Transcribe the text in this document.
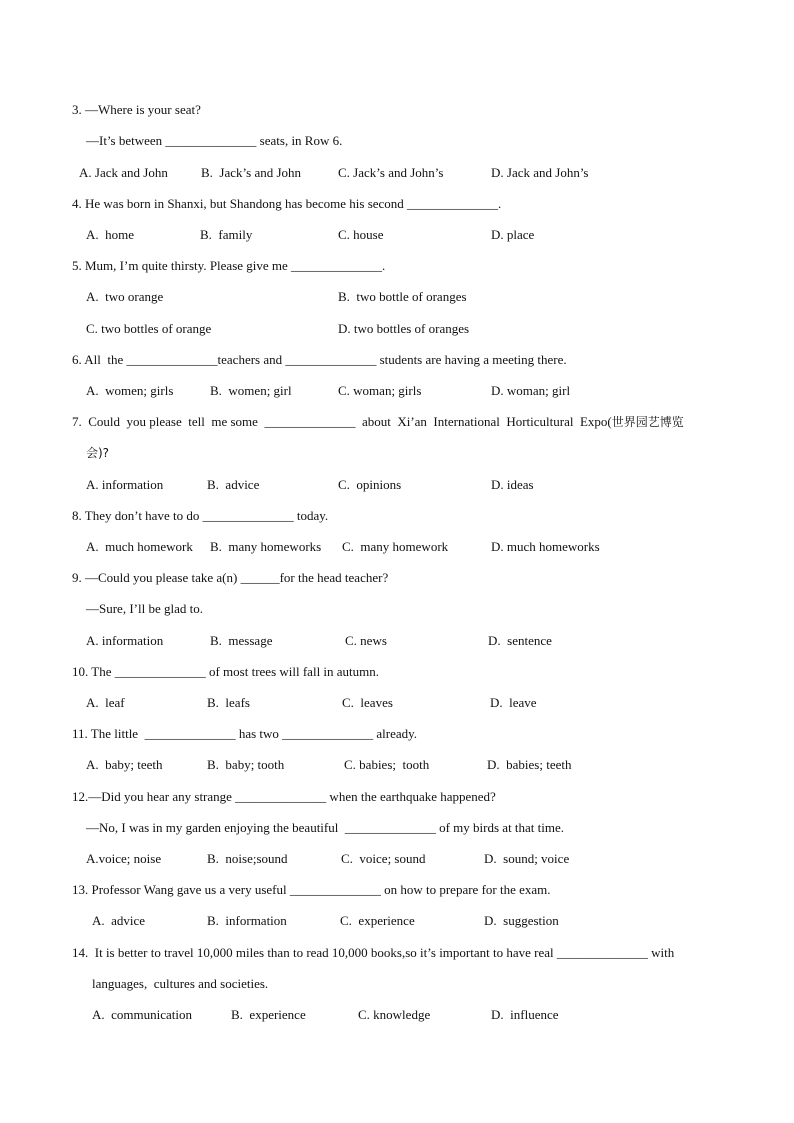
3. —Where is your seat?
—It’s between ______________ seats, in Row 6.
A. Jack and John	B.  Jack’s and John	C. Jack’s and John’s	D. Jack and John’s
4. He was born in Shanxi, but Shandong has become his second ______________.
A.  home	B.  family	C. house	D. place
5. Mum, I’m quite thirsty. Please give me ______________.
A.  two orange	B.  two bottle of oranges
C. two bottles of orange	D. two bottles of oranges
6. All  the ______________teachers and ______________ students are having a meeting there.
A.  women; girls	B.  women; girl	C. woman; girls	D. woman; girl
7.  Could  you please  tell  me some  ______________  about  Xi’an  International  Horticultural  Expo(世界园艺博览
会)?
A. information	B.  advice	C.  opinions	D. ideas
8. They don’t have to do ______________ today.
A.  much homework B.  many homeworks C.  many homework	D. much homeworks
9. —Could you please take a(n) ______for the head teacher?
—Sure, I’ll be glad to.
A. information	B.  message	C. news	D.  sentence
10. The ______________ of most trees will fall in autumn.
A.  leaf	B.  leafs	C.  leaves	D.  leave
11. The little  ______________ has two ______________ already.
A.  baby; teeth	B.  baby; tooth	C. babies;  tooth	D.  babies; teeth
12.—Did you hear any strange ______________ when the earthquake happened?
—No, I was in my garden enjoying the beautiful  ______________ of my birds at that time.
A.voice; noise	B.  noise;sound	C.  voice; sound	D.  sound; voice
13. Professor Wang gave us a very useful ______________ on how to prepare for the exam.
A.  advice	B.  information	C.  experience	D.  suggestion
14.  It is better to travel 10,000 miles than to read 10,000 books,so it’s important to have real ______________ with
languages,  cultures and societies.
A.  communication	B.  experience	C. knowledge	D.  influence
